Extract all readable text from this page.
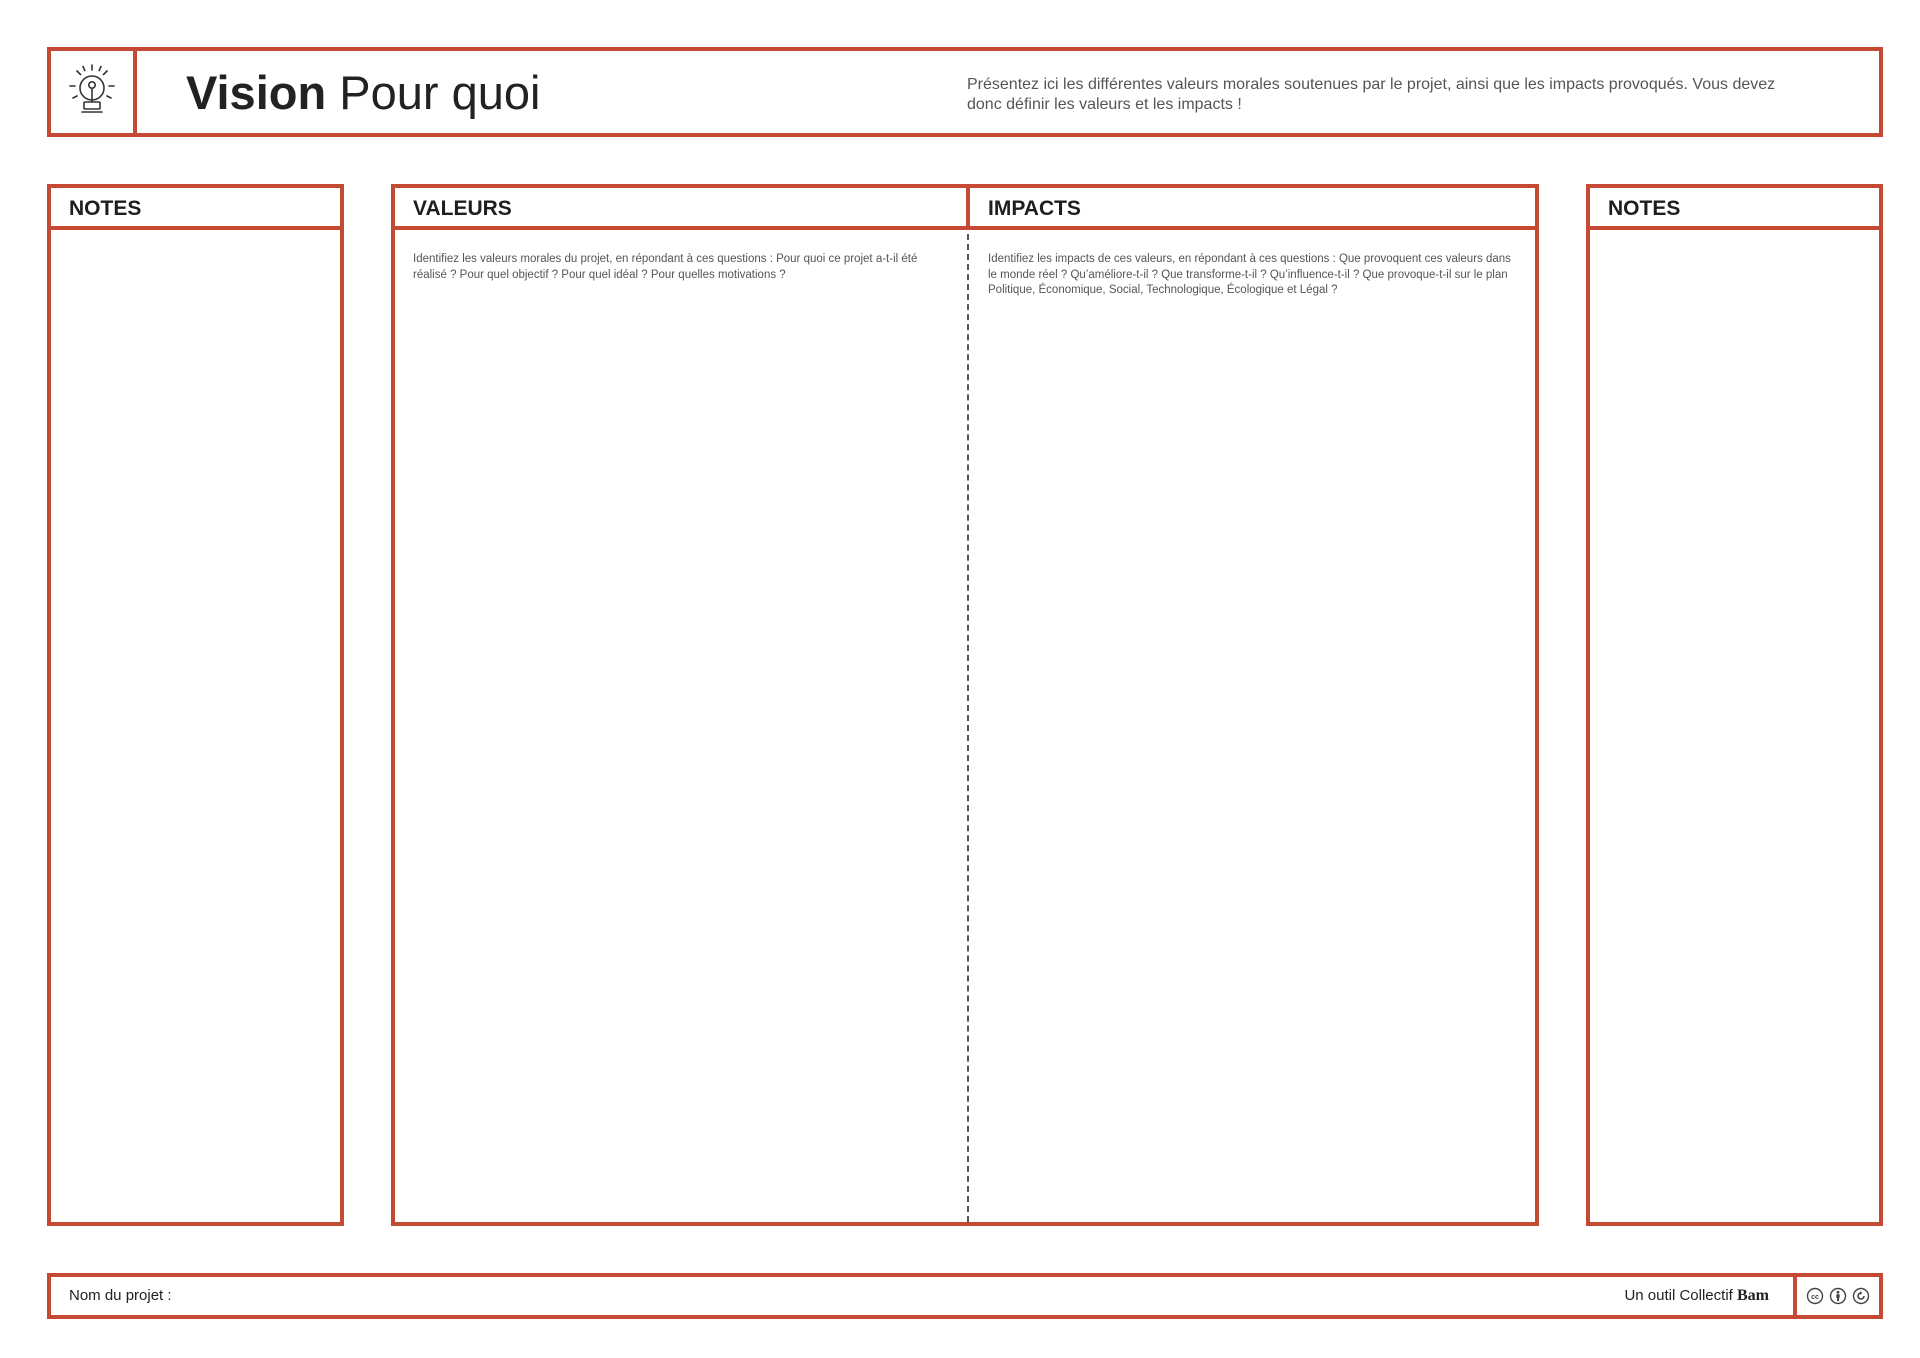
Vision Pour quoi	Présentez ici les différentes valeurs morales soutenues par le projet, ainsi que les impacts provoqués. Vous devez donc définir les valeurs et les impacts !
NOTES	VALEURS	IMPACTS
Identifiez les valeurs morales du projet, en répondant à ces questions : Pour quoi ce projet a-t-il été réalisé ? Pour quel objectif ? Pour quel idéal ? Pour quelles motivations ?
Identifiez les impacts de ces valeurs, en répondant à ces questions : Que provoquent ces valeurs dans le monde réel ? Qu’améliore-t-il ? Que transforme-t-il ? Qu’influence-t-il ? Que provoque-t-il sur le plan Politique, Économique, Social, Technologique, Écologique et Légal ?
NOTES
Nom du projet :	Un outil Collectif Bam	cc
